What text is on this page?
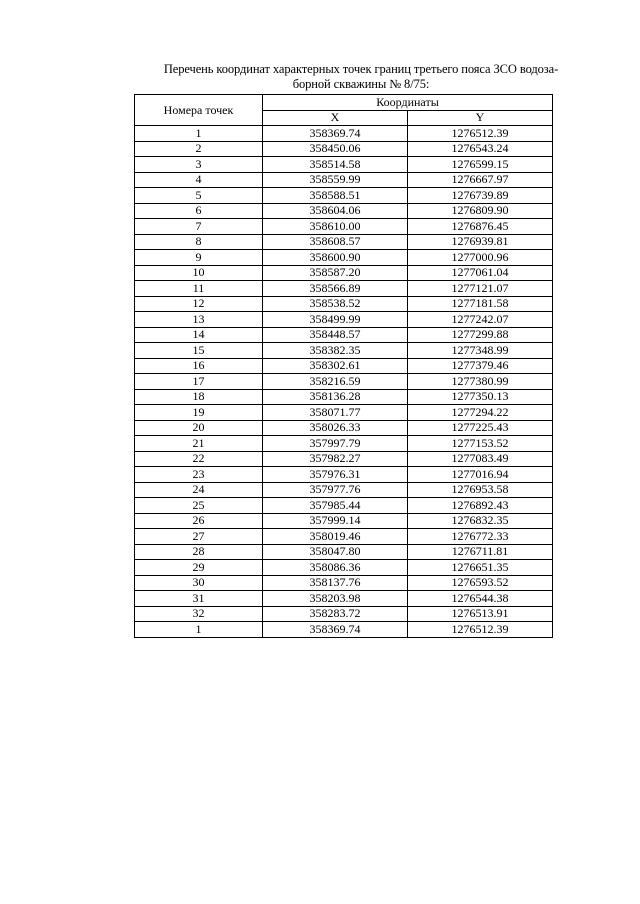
Перечень координат характерных точек границ третьего пояса ЗСО водоза-
борной скважины № 8/75:
Номера точек	Координаты	
	X	Y
1	358369.74	1276512.39
2	358450.06	1276543.24
3	358514.58	1276599.15
4	358559.99	1276667.97
5	358588.51	1276739.89
6	358604.06	1276809.90
7	358610.00	1276876.45
8	358608.57	1276939.81
9	358600.90	1277000.96
10	358587.20	1277061.04
11	358566.89	1277121.07
12	358538.52	1277181.58
13	358499.99	1277242.07
14	358448.57	1277299.88
15	358382.35	1277348.99
16	358302.61	1277379.46
17	358216.59	1277380.99
18	358136.28	1277350.13
19	358071.77	1277294.22
20	358026.33	1277225.43
21	357997.79	1277153.52
22	357982.27	1277083.49
23	357976.31	1277016.94
24	357977.76	1276953.58
25	357985.44	1276892.43
26	357999.14	1276832.35
27	358019.46	1276772.33
28	358047.80	1276711.81
29	358086.36	1276651.35
30	358137.76	1276593.52
31	358203.98	1276544.38
32	358283.72	1276513.91
1	358369.74	1276512.39
